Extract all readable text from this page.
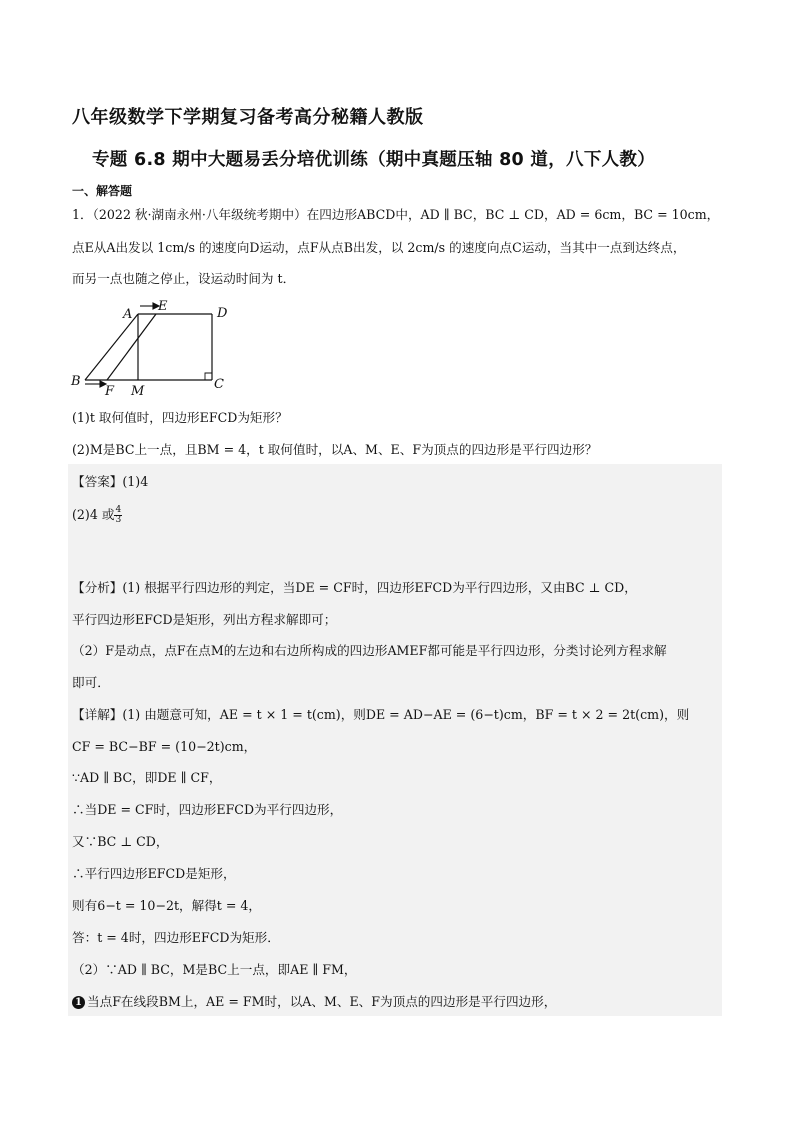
八年级数学下学期复习备考高分秘籍人教版
专题 6.8 期中大题易丢分培优训练（期中真题压轴 80 道，八下人教）
一、解答题
1．（2022 秋·湖南永州·八年级统考期中）在四边形ABCD中，AD ∥ BC，BC ⊥ CD，AD = 6cm，BC = 10cm，
点E从A出发以 1cm/s 的速度向D运动，点F从点B出发，以 2cm/s 的速度向点C运动，当其中一点到达终点，
而另一点也随之停止，设运动时间为 t．
A
E	D
B
F M	C
(1)t 取何值时，四边形EFCD为矩形？
(2)M是BC上一点，且BM = 4，t 取何值时，以A、M、E、F为顶点的四边形是平行四边形？
【答案】(1)4
(2)4 或 $\frac{4}{3}$
【分析】(1) 根据平行四边形的判定，当DE = CF时，四边形EFCD为平行四边形，又由BC ⊥ CD，
平行四边形EFCD是矩形，列出方程求解即可；
（2）F是动点，点F在点M的左边和右边所构成的四边形AMEF都可能是平行四边形，分类讨论列方程求解
即可．
【详解】(1) 由题意可知，AE = t × 1 = t(cm)，则DE = AD−AE = (6−t)cm，BF = t × 2 = 2t(cm)，则
CF = BC−BF = (10−2t)cm，
∵AD ∥ BC，即DE ∥ CF，
∴当DE = CF时，四边形EFCD为平行四边形，
又∵BC ⊥ CD，
∴平行四边形EFCD是矩形，
则有6−t = 10−2t，解得t = 4，
答：t = 4时，四边形EFCD为矩形．
（2）∵AD ∥ BC，M是BC上一点，即AE ∥ FM，
1 当点F在线段BM上，AE = FM时，以A、M、E、F为顶点的四边形是平行四边形，
